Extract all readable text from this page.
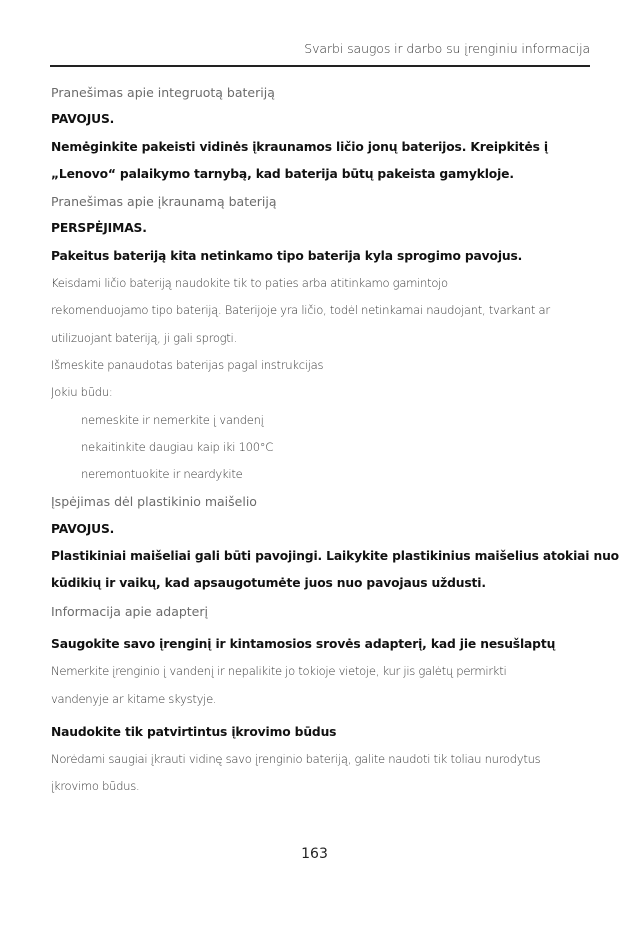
Svarbi saugos ir darbo su įrenginiu informacija
Pranešimas apie integruotą bateriją
PAVOJUS.
Nemėginkite pakeisti vidinės įkraunamos ličio jonų baterijos. Kreipkitės į
„Lenovo“ palaikymo tarnybą, kad baterija būtų pakeista gamykloje.
Pranešimas apie įkraunamą bateriją
PERSPĖJIMAS.
Pakeitus bateriją kita netinkamo tipo baterija kyla sprogimo pavojus.
Keisdami ličio bateriją naudokite tik to paties arba atitinkamo gamintojo
rekomenduojamo tipo bateriją. Baterijoje yra ličio, todėl netinkamai naudojant, tvarkant ar
utilizuojant bateriją, ji gali sprogti.
Išmeskite panaudotas baterijas pagal instrukcijas
Jokiu būdu:
nemeskite ir nemerkite į vandenį
nekaitinkite daugiau kaip iki 100°C
neremontuokite ir neardykite
Įspėjimas dėl plastikinio maišelio
PAVOJUS.
Plastikiniai maišeliai gali būti pavojingi. Laikykite plastikinius maišelius atokiai nuo
kūdikių ir vaikų, kad apsaugotumėte juos nuo pavojaus uždusti.
Informacija apie adapterį
Saugokite savo įrenginį ir kintamosios srovės adapterį, kad jie nesušlaptų
Nemerkite įrenginio į vandenį ir nepalikite jo tokioje vietoje, kur jis galėtų permirkti
vandenyje ar kitame skystyje.
Naudokite tik patvirtintus įkrovimo būdus
Norėdami saugiai įkrauti vidinę savo įrenginio bateriją, galite naudoti tik toliau nurodytus
įkrovimo būdus.
163
